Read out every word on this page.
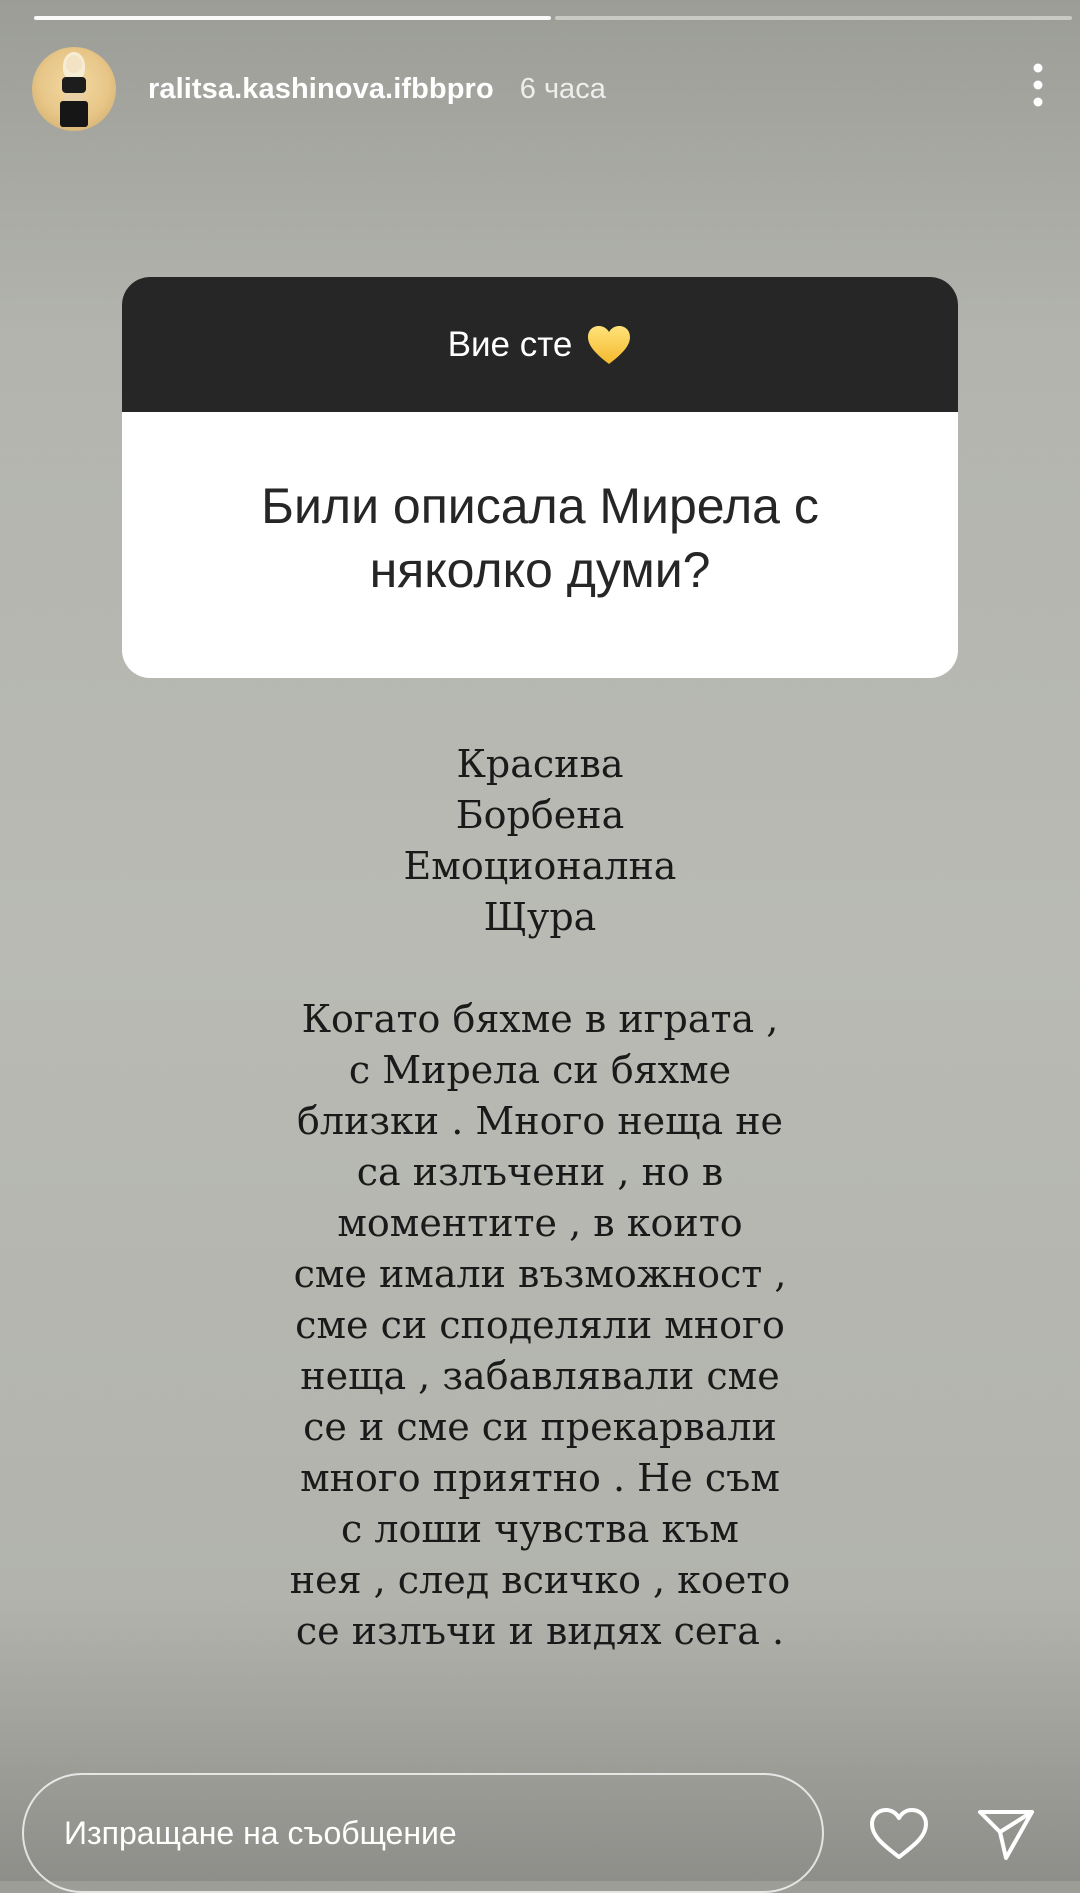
ralitsa.kashinova.ifbbpro 6 часа
Вие сте
Били описала Мирела с няколко думи?
Красива
Борбена
Емоционална
Щура
Когато бяхме в играта ,
с Мирела си бяхме
близки . Много неща не
са излъчени , но в
моментите , в които
сме имали възможност ,
сме си споделяли много
неща , забавлявали сме
се и сме си прекарвали
много приятно . Не съм
с лоши чувства към
нея , след всичко , което
се излъчи и видях сега .
Изпращане на съобщение
